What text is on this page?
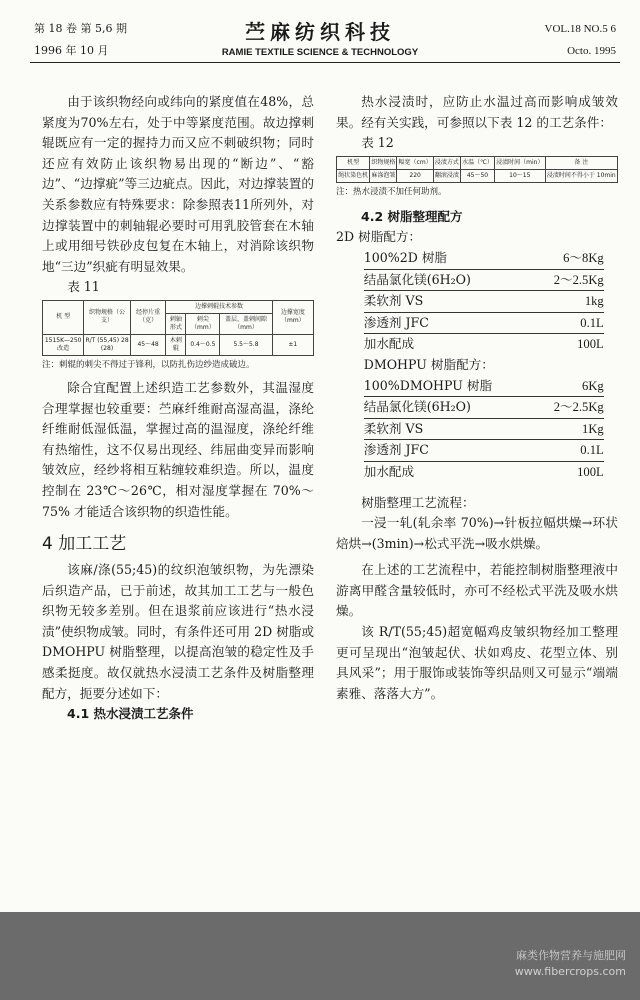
第 18 卷 第 5,6 期
1996 年 10 月
苎麻纺织科技
RAMIE TEXTILE SCIENCE & TECHNOLOGY
VOL.18 NO.5 6
Octo. 1995

由于该织物经向或纬向的紧度值在48%，总紧度为70%左右，处于中等紧度范围。故边撑刺辊既应有一定的握持力而又应不刺破织物；同时还应有效防止该织物易出现的“断边”、“豁边”、“边撑疵”等三边疵点。因此，对边撑装置的关系参数应有特殊要求：除参照表11所列外，对边撑装置中的刺轴辊必要时可用乳胶管套在木轴上或用细号铁砂皮包复在木轴上，对消除该织物地“三边”织疵有明显效果。

表 11

机 型	织物规格（公支）	经停片重（克）	边撑刺辊技术参数			边撑宽度（mm）
			刺轴形式	刺尖（mm）	盖层、盖刺间隙（mm）	
1515K—250 改造	R/T (55,45) 28 (28)	45～48	木刺辊	0.4～0.5	5.5～5.8	±1

注：刺辊的刺尖不得过于锋利，以防扎伤边纱造成破边。

除合宜配置上述织造工艺参数外，其温湿度合理掌握也较重要：苎麻纤维耐高湿高温，涤纶纤维耐低湿低温，掌握过高的温湿度，涤纶纤维有热缩性，这不仅易出现经、纬屈曲变异而影响皱效应，经纱将相互粘缠较难织造。所以，温度控制在 23℃～26℃，相对湿度掌握在 70%～75% 才能适合该织物的织造性能。

4 加工工艺

该麻/涤(55;45)的纹织泡皱织物，为先漂染后织造产品，已于前述，故其加工工艺与一般色织物无较多差别。但在退浆前应该进行“热水浸渍”使织物成皱。同时，有条件还可用 2D 树脂或 DMOHPU 树脂整理，以提高泡皱的稳定性及手感柔挺度。故仅就热水浸渍工艺条件及树脂整理配方，扼要分述如下：

4.1 热水浸渍工艺条件

热水浸渍时，应防止水温过高而影响成皱效果。经有关实践，可参照以下表 12 的工艺条件：

表 12

机型	织物规格	幅宽（cm）	浸渍方式	水温（℃）	浸渍时间（min）	备 注
绳状染色机	麻涤泡皱	220	翻滚浸渍	45～50	10～15	浸渍时间不得小于 10min

注：热水浸渍不加任何助剂。

4.2 树脂整理配方
2D 树脂配方：
100%2D 树脂	6～8Kg
结晶氯化镁(6H₂O)	2～2.5Kg
柔软剂 VS	1kg
渗透剂 JFC	0.1L
加水配成	100L
DMOHPU 树脂配方：
100%DMOHPU 树脂	6Kg
结晶氯化镁(6H₂O)	2～2.5Kg
柔软剂 VS	1Kg
渗透剂 JFC	0.1L
加水配成	100L

树脂整理工艺流程：

一浸一轧(轧余率 70%)→针板拉幅烘燥→环状焙烘→(3min)→松式平洗→吸水烘燥。

在上述的工艺流程中，若能控制树脂整理液中游离甲醛含量较低时，亦可不经松式平洗及吸水烘燥。

该 R/T(55;45)超宽幅鸡皮皱织物经加工整理更可呈现出“泡皱起伏、状如鸡皮、花型立体、别具风采”；用于服饰或装饰等织品则又可显示“端端素雅、落落大方”。

麻类作物营养与施肥网
www.fibercrops.com
